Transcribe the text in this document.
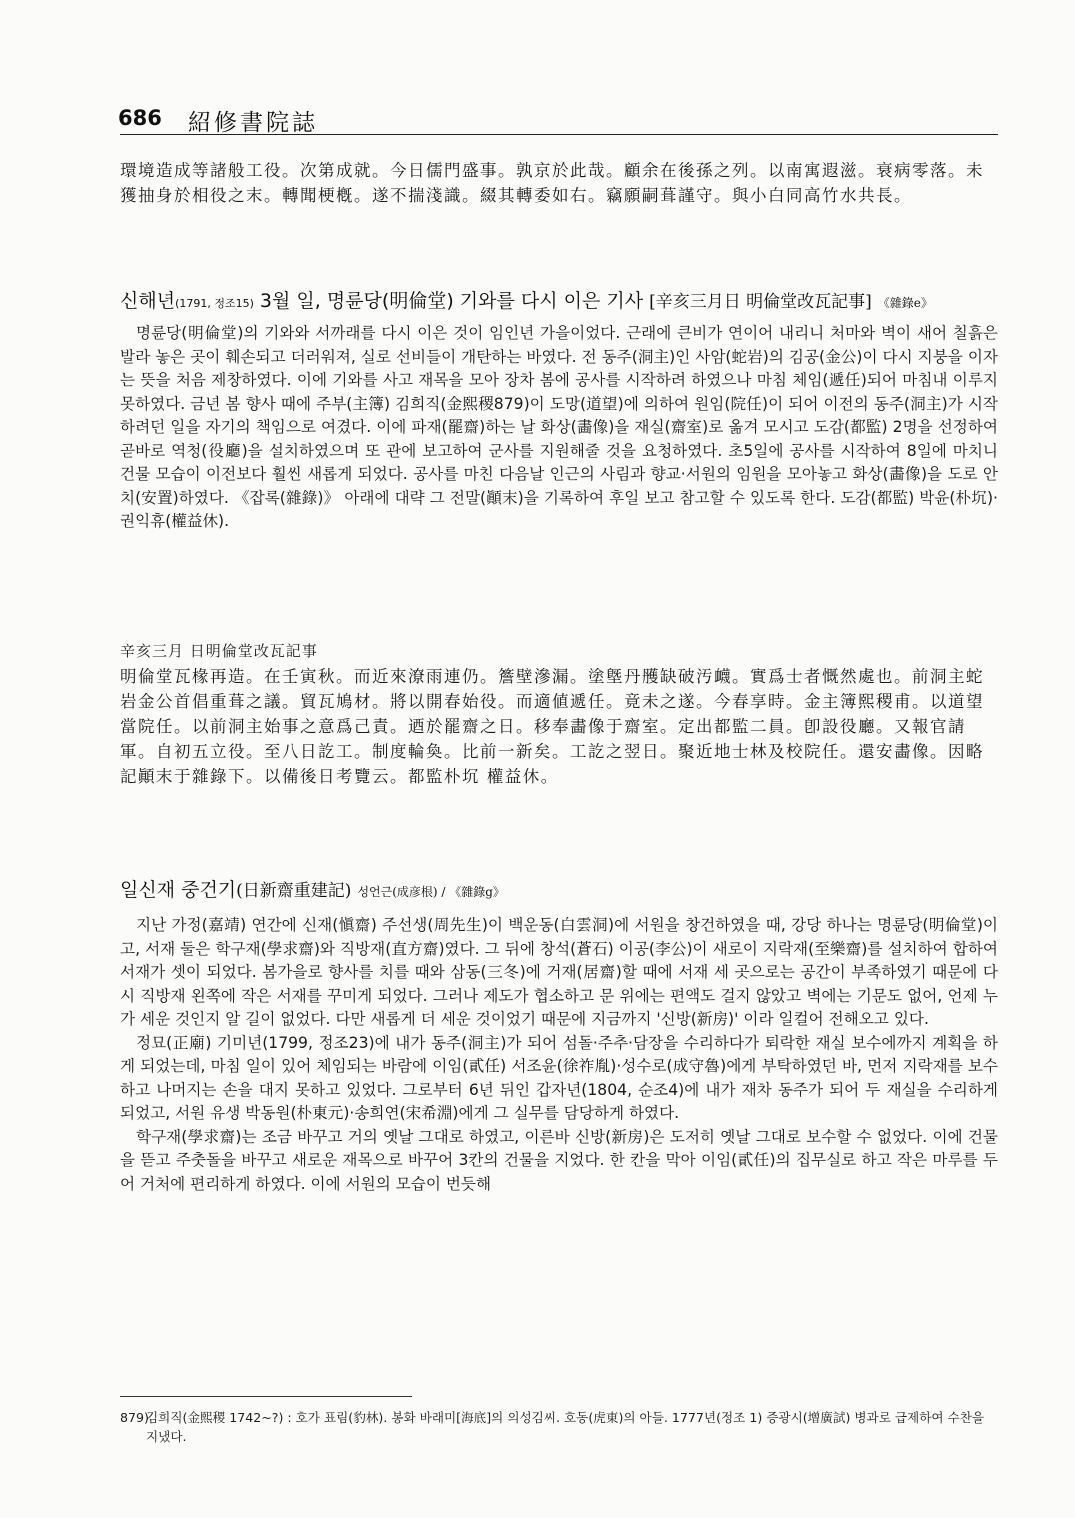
686 紹修書院誌
環境造成等諸般工役。次第成就。今日儒門盛事。孰京於此哉。顧余在後孫之列。以南寓遐滋。衰病零落。未獲抽身於相役之末。轉聞梗槪。遂不揣淺識。綴其轉委如右。竊願嗣葺謹守。與小白同高竹水共長。
신해년(1791, 정조15) 3월 일, 명륜당(明倫堂) 기와를 다시 이은 기사 [辛亥三月日 明倫堂改瓦記事] 《雜錄e》

명륜당(明倫堂)의 기와와 서까래를 다시 이은 것이 임인년 가을이었다. 근래에 큰비가 연이어 내리니 처마와 벽이 새어 칠흙은 발라 놓은 곳이 훼손되고 더러워져, 실로 선비들이 개탄하는 바였다. 전 동주(洞主)인 사암(蛇岩)의 김공(金公)이 다시 지붕을 이자는 뜻을 처음 제창하였다. 이에 기와를 사고 재목을 모아 장차 봄에 공사를 시작하려 하였으나 마침 체임(遞任)되어 마침내 이루지 못하였다. 금년 봄 향사 때에 주부(主簿) 김희직(金熙稷879)이 도망(道望)에 의하여 원임(院任)이 되어 이전의 동주(洞主)가 시작하려던 일을 자기의 책임으로 여겼다. 이에 파재(罷齋)하는 날 화상(畵像)을 재실(齋室)로 옮겨 모시고 도감(都監) 2명을 선정하여 곧바로 역청(役廳)을 설치하였으며 또 관에 보고하여 군사를 지원해줄 것을 요청하였다. 초5일에 공사를 시작하여 8일에 마치니 건물 모습이 이전보다 훨씬 새롭게 되었다. 공사를 마친 다음날 인근의 사림과 향교·서원의 임원을 모아놓고 화상(畵像)을 도로 안치(安置)하였다. 《잡록(雜錄)》 아래에 대략 그 전말(顚末)을 기록하여 후일 보고 참고할 수 있도록 한다. 도감(都監) 박윤(朴坈)·권익휴(權益休).

辛亥三月 日明倫堂改瓦記事
明倫堂瓦椽再造。在壬寅秋。而近來潦雨連仍。簷壁滲漏。塗墍丹雘缺破汚衊。實爲士者慨然處也。前洞主蛇岩金公首倡重葺之議。貿瓦鳩材。將以開春始役。而適値遞任。竟未之遂。今春享時。金主簿熙稷甫。以道望當院任。以前洞主始事之意爲己責。迺於罷齋之日。移奉畵像于齋室。定出都監二員。卽設役廳。又報官請軍。自初五立役。至八日訖工。制度輪奐。比前一新矣。工訖之翌日。聚近地士林及校院任。還安畵像。因略記顚末于雜錄下。以備後日考覽云。都監朴坈 權益休。
일신재 중건기(日新齋重建記) 성언근(成彦根) / 《雜錄g》

지난 가정(嘉靖) 연간에 신재(愼齋) 주선생(周先生)이 백운동(白雲洞)에 서원을 창건하였을 때, 강당 하나는 명륜당(明倫堂)이고, 서재 둘은 학구재(學求齋)와 직방재(直方齋)였다. 그 뒤에 창석(蒼石) 이공(李公)이 새로이 지락재(至樂齋)를 설치하여 합하여 서재가 셋이 되었다. 봄가을로 향사를 치를 때와 삼동(三冬)에 거재(居齋)할 때에 서재 세 곳으로는 공간이 부족하였기 때문에 다시 직방재 왼쪽에 작은 서재를 꾸미게 되었다. 그러나 제도가 협소하고 문 위에는 편액도 걸지 않았고 벽에는 기문도 없어, 언제 누가 세운 것인지 알 길이 없었다. 다만 새롭게 더 세운 것이었기 때문에 지금까지 '신방(新房)' 이라 일컬어 전해오고 있다.

정묘(正廟) 기미년(1799, 정조23)에 내가 동주(洞主)가 되어 섬돌·주추·담장을 수리하다가 퇴락한 재실 보수에까지 계획을 하게 되었는데, 마침 일이 있어 체임되는 바람에 이임(貳任) 서조윤(徐祚胤)·성수로(成守魯)에게 부탁하였던 바, 먼저 지락재를 보수하고 나머지는 손을 대지 못하고 있었다. 그로부터 6년 뒤인 갑자년(1804, 순조4)에 내가 재차 동주가 되어 두 재실을 수리하게 되었고, 서원 유생 박동원(朴東元)·송희연(宋希淵)에게 그 실무를 담당하게 하였다.

학구재(學求齋)는 조금 바꾸고 거의 옛날 그대로 하였고, 이른바 신방(新房)은 도저히 옛날 그대로 보수할 수 없었다. 이에 건물을 뜯고 주춧돌을 바꾸고 새로운 재목으로 바꾸어 3칸의 건물을 지었다. 한 칸을 막아 이임(貳任)의 집무실로 하고 작은 마루를 두어 거처에 편리하게 하였다. 이에 서원의 모습이 번듯해

879)
김희직(金熙稷 1742~?) : 호가 표림(豹林). 봉화 바래미[海底]의 의성김씨. 호동(虎東)의 아들. 1777년(정조 1) 증광시(增廣試) 병과로 급제하여 수찬을 지냈다.
